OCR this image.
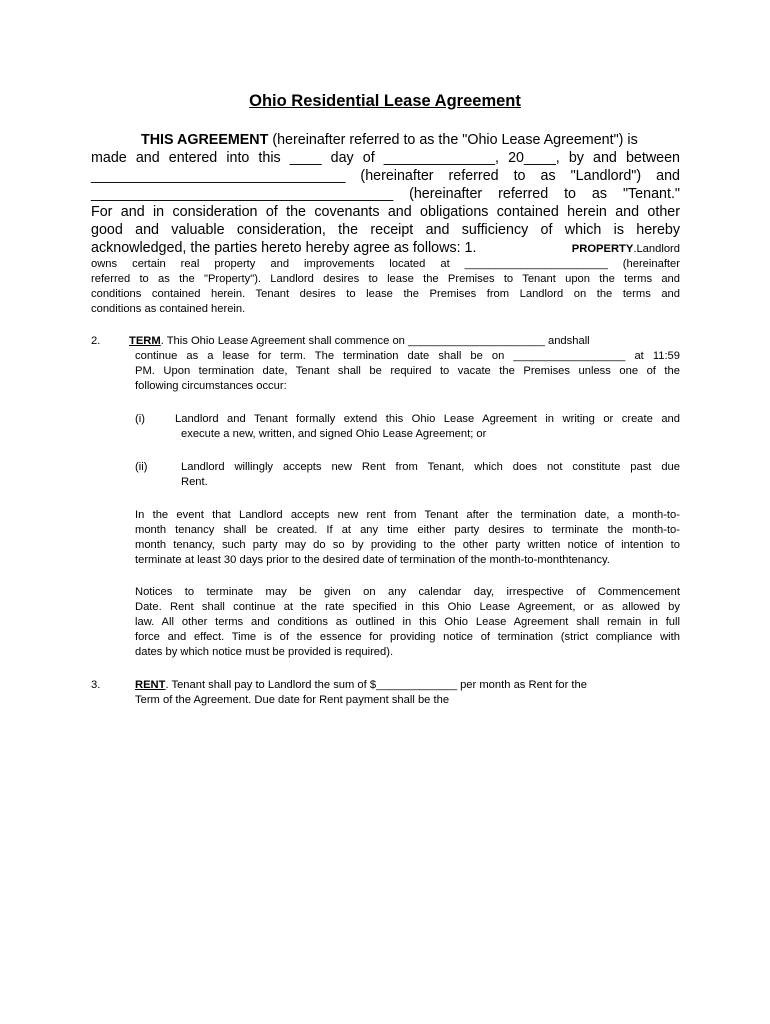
Ohio Residential Lease Agreement
THIS AGREEMENT (hereinafter referred to as the "Ohio Lease Agreement") is
made and entered into this ____ day of ______________, 20____, by and between
________________________________ (hereinafter referred to as "Landlord") and
______________________________________ (hereinafter referred to as "Tenant."
For and in consideration of the covenants and obligations contained herein and other
good and valuable consideration, the receipt and sufficiency of which is hereby
acknowledged, the parties hereto hereby agree as follows: 1.	PROPERTY.Landlord
owns certain real property and improvements located at _______________________ (hereinafter
referred to as the "Property"). Landlord desires to lease the Premises to Tenant upon the terms and
conditions contained herein. Tenant desires to lease the Premises from Landlord on the terms and
conditions as contained herein.
2.	TERM. This Ohio Lease Agreement shall commence on ______________________ andshall
continue as a lease for term. The termination date shall be on __________________ at 11:59
PM. Upon termination date, Tenant shall be required to vacate the Premises unless one of the
following circumstances occur:
(i)	Landlord and Tenant formally extend this Ohio Lease Agreement in writing or create and
execute a new, written, and signed Ohio Lease Agreement; or
(ii)	Landlord willingly accepts new Rent from Tenant, which does not constitute past due
Rent.
In the event that Landlord accepts new rent from Tenant after the termination date, a month-to-
month tenancy shall be created. If at any time either party desires to terminate the month-to-
month tenancy, such party may do so by providing to the other party written notice of intention to
terminate at least 30 days prior to the desired date of termination of the month-to-monthtenancy.
Notices to terminate may be given on any calendar day, irrespective of Commencement
Date. Rent shall continue at the rate specified in this Ohio Lease Agreement, or as allowed by
law. All other terms and conditions as outlined in this Ohio Lease Agreement shall remain in full
force and effect. Time is of the essence for providing notice of termination (strict compliance with
dates by which notice must be provided is required).
3.	RENT. Tenant shall pay to Landlord the sum of $_____________ per month as Rent for the
Term of the Agreement. Due date for Rent payment shall be the
